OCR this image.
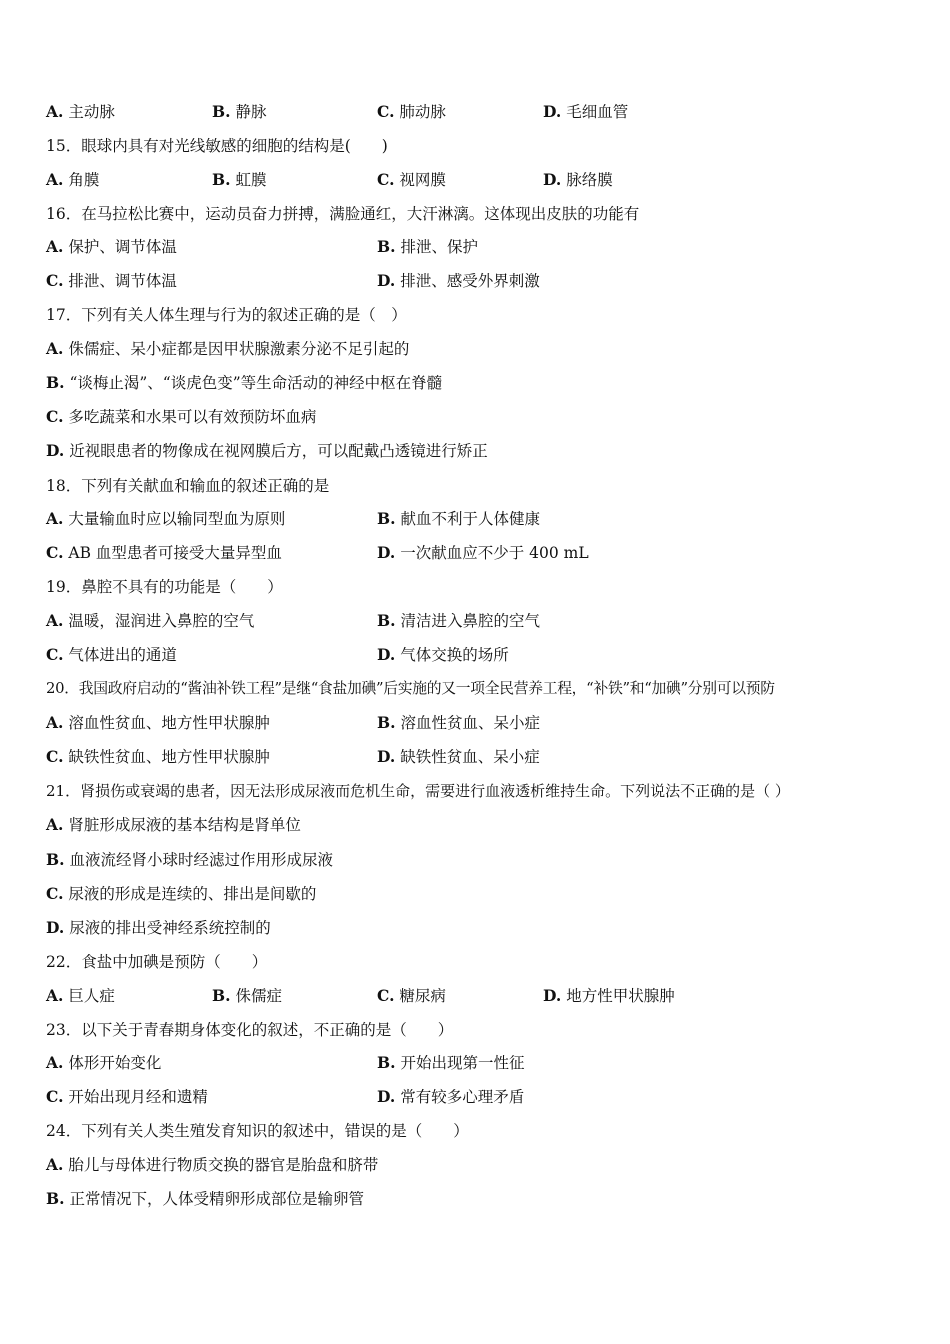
A. 主动脉	B. 静脉	C. 肺动脉	D. 毛细血管
15．眼球内具有对光线敏感的细胞的结构是(　　)
A. 角膜	B. 虹膜	C. 视网膜	D. 脉络膜
16．在马拉松比赛中，运动员奋力拼搏，满脸通红，大汗淋漓。这体现出皮肤的功能有
A. 保护、调节体温	B. 排泄、保护
C. 排泄、调节体温	D. 排泄、感受外界刺激
17．下列有关人体生理与行为的叙述正确的是（　）
A. 侏儒症、呆小症都是因甲状腺激素分泌不足引起的
B. “谈梅止渴”、“谈虎色变”等生命活动的神经中枢在脊髓
C. 多吃蔬菜和水果可以有效预防坏血病
D. 近视眼患者的物像成在视网膜后方，可以配戴凸透镜进行矫正
18．下列有关献血和输血的叙述正确的是
A. 大量输血时应以输同型血为原则	B. 献血不利于人体健康
C. AB 血型患者可接受大量异型血	D. 一次献血应不少于 400 mL
19．鼻腔不具有的功能是（　　）
A. 温暖，湿润进入鼻腔的空气	B. 清洁进入鼻腔的空气
C. 气体进出的通道	D. 气体交换的场所
20．我国政府启动的“酱油补铁工程”是继“食盐加碘”后实施的又一项全民营养工程，“补铁”和“加碘”分别可以预防
A. 溶血性贫血、地方性甲状腺肿	B. 溶血性贫血、呆小症
C. 缺铁性贫血、地方性甲状腺肿	D. 缺铁性贫血、呆小症
21．肾损伤或衰竭的患者，因无法形成尿液而危机生命，需要进行血液透析维持生命。下列说法不正确的是（ ）
A. 肾脏形成尿液的基本结构是肾单位
B. 血液流经肾小球时经滤过作用形成尿液
C. 尿液的形成是连续的、排出是间歇的
D. 尿液的排出受神经系统控制的
22．食盐中加碘是预防（　　）
A. 巨人症	B. 侏儒症	C. 糖尿病	D. 地方性甲状腺肿
23．以下关于青春期身体变化的叙述，不正确的是（　　）
A. 体形开始变化	B. 开始出现第一性征
C. 开始出现月经和遗精	D. 常有较多心理矛盾
24．下列有关人类生殖发育知识的叙述中，错误的是（　　）
A. 胎儿与母体进行物质交换的器官是胎盘和脐带
B. 正常情况下，人体受精卵形成部位是输卵管
